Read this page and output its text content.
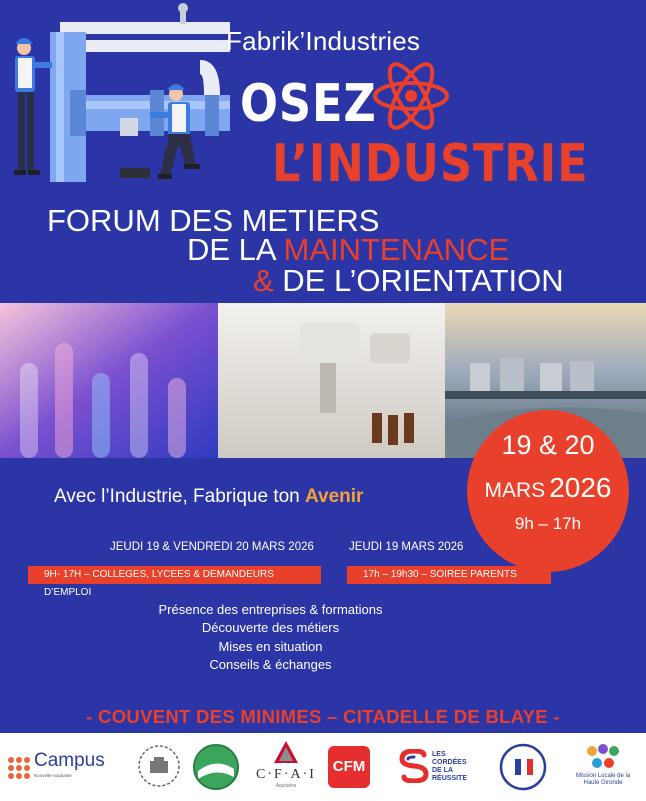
Fabrik’Industries
OSEZ
L’INDUSTRIE
FORUM DES METIERS
DE LA MAINTENANCE
& DE L’ORIENTATION
19 & 20
MARS 2026
9h – 17h
Avec l’Industrie, Fabrique ton Avenir
JEUDI 19 & VENDREDI 20 MARS 2026	JEUDI 19 MARS 2026
9H- 17H – COLLEGES, LYCEES & DEMANDEURS D’EMPLOI
17h – 19h30 – SOIREE PARENTS
Présence des entreprises & formations
Découverte des métiers
Mises en situation
Conseils & échanges
- COUVENT DES MINIMES – CITADELLE DE BLAYE -
Campus
Nouvelle-Aquitaine	C·F·A·I
Aquitaine
CFM
LES CORDÉES DE LA RÉUSSITE	Mission Locale de la Haute Gironde
